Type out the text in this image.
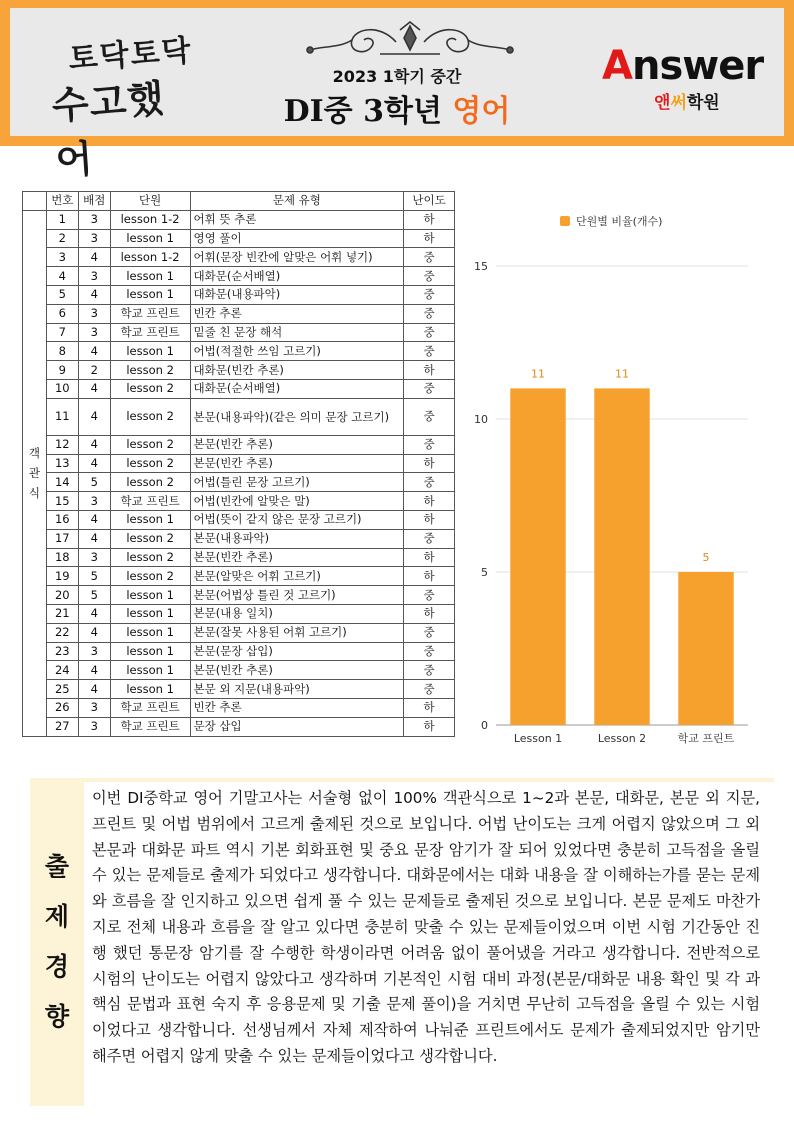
토닥토닥
수고했어
Answer
앤써학원
2023 1학기 중간
DI중 3학년 영어
	번호	배점	단원	문제 유형	난이도
객관식	1	3	lesson 1-2	어휘 뜻 추론	하
	2	3	lesson 1	영영 풀이	하
	3	4	lesson 1-2	어휘(문장 빈칸에 알맞은 어휘 넣기)	중
	4	3	lesson 1	대화문(순서배열)	중
	5	4	lesson 1	대화문(내용파악)	중
	6	3	학교 프린트	빈칸 추론	중
	7	3	학교 프린트	밑줄 친 문장 해석	중
	8	4	lesson 1	어법(적절한 쓰임 고르기)	중
	9	2	lesson 2	대화문(빈칸 추론)	하
	10	4	lesson 2	대화문(순서배열)	중
	11	4	lesson 2	본문(내용파악)(같은 의미 문장 고르기)	중
	12	4	lesson 2	본문(빈칸 추론)	중
	13	4	lesson 2	본문(빈칸 추론)	하
	14	5	lesson 2	어법(틀린 문장 고르기)	중
	15	3	학교 프린트	어법(빈칸에 알맞은 말)	하
	16	4	lesson 1	어법(뜻이 같지 않은 문장 고르기)	하
	17	4	lesson 2	본문(내용파악)	중
	18	3	lesson 2	본문(빈칸 추론)	하
	19	5	lesson 2	본문(알맞은 어휘 고르기)	하
	20	5	lesson 1	본문(어법상 틀린 것 고르기)	중
	21	4	lesson 1	본문(내용 일치)	하
	22	4	lesson 1	본문(잘못 사용된 어휘 고르기)	중
	23	3	lesson 1	본문(문장 삽입)	중
	24	4	lesson 1	본문(빈칸 추론)	중
	25	4	lesson 1	본문 외 지문(내용파악)	중
	26	3	학교 프린트	빈칸 추론	하
	27	3	학교 프린트	문장 삽입	하
단원별 비율(개수)
0
5
10
15
11
Lesson 1
11
Lesson 2
5
학교 프린트
출
제
경
향
이번 DI중학교 영어 기말고사는 서술형 없이 100% 객관식으로 1~2과 본문, 대화문, 본문 외 지문, 프린트 및 어법 범위에서 고르게 출제된 것으로 보입니다. 어법 난이도는 크게 어렵지 않았으며 그 외 본문과 대화문 파트 역시 기본 회화표현 및 중요 문장 암기가 잘 되어 있었다면 충분히 고득점을 올릴 수 있는 문제들로 출제가 되었다고 생각합니다. 대화문에서는 대화 내용을 잘 이해하는가를 묻는 문제와 흐름을 잘 인지하고 있으면 쉽게 풀 수 있는 문제들로 출제된 것으로 보입니다. 본문 문제도 마찬가지로 전체 내용과 흐름을 잘 알고 있다면 충분히 맞출 수 있는 문제들이었으며 이번 시험 기간동안 진행 했던 통문장 암기를 잘 수행한 학생이라면 어려움 없이 풀어냈을 거라고 생각합니다. 전반적으로 시험의 난이도는 어렵지 않았다고 생각하며 기본적인 시험 대비 과정(본문/대화문 내용 확인 및 각 과 핵심 문법과 표현 숙지 후 응용문제 및 기출 문제 풀이)을 거치면 무난히 고득점을 올릴 수 있는 시험이었다고 생각합니다. 선생님께서 자체 제작하여 나눠준 프린트에서도 문제가 출제되었지만 암기만 해주면 어렵지 않게 맞출 수 있는 문제들이었다고 생각합니다.
